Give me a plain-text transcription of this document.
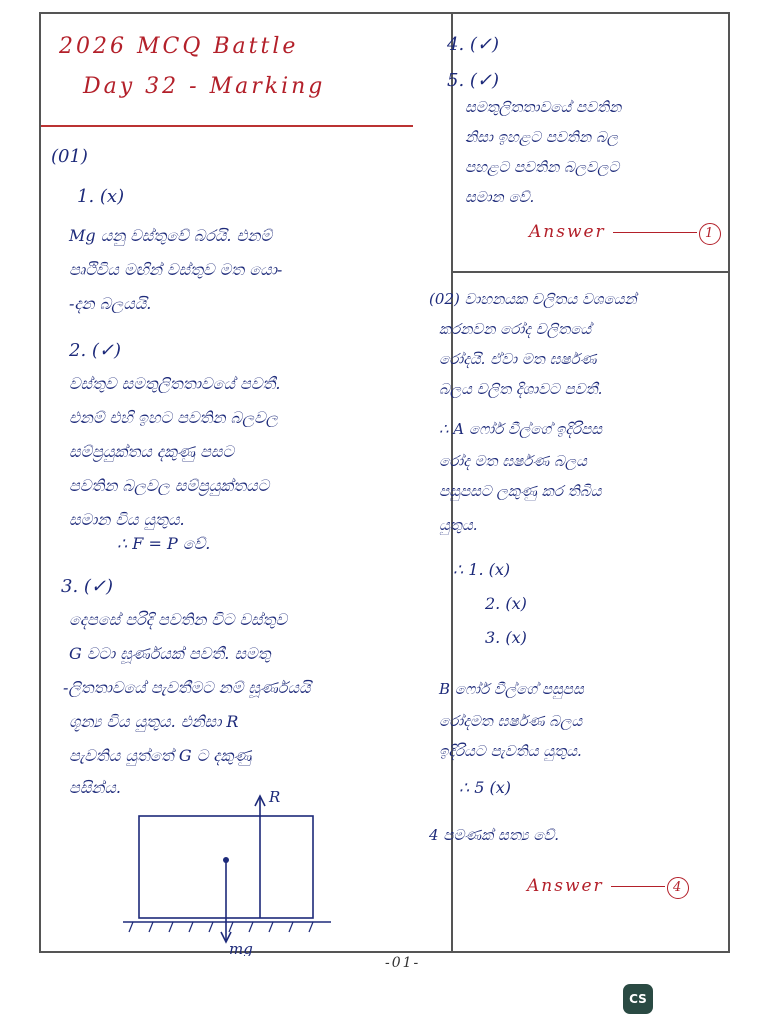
2026 MCQ Battle
Day 32 - Marking
(01)
1. (x)
Mg යනු වස්තුවේ බරයි. එනම්
පෘථිවිය මඟින් වස්තුව මත යො-
-දන බලයයි.
2. (✓)
වස්තුව සමතුලිතතාවයේ පවතී.
එනම් එහි ඉහට පවතින බලවල
සම්ප්‍රයුක්තය දකුණු පසට
පවතින බලවල සම්ප්‍රයුක්තයට
සමාන විය යුතුය.
∴ F = P වේ.
3. (✓)
දෙපසේ පරිදි පවතින විට වස්තුව
G වටා ඝූර්ණයක් පවතී. සමතු
-ලිතතාවයේ පැවතීමට නම් ඝූර්ණයයි
ශූන්‍ය විය යුතුය. එනිසා R
පැවතිය යුත්තේ G ට දකුණු
පසින්ය.	R
mg
4. (✓)
5. (✓)
සමතුලිතතාවයේ පවතින
නිසා ඉහළට පවතින බල
පහළට පවතින බලවලට
සමාන වේ.
Answer	1
(02) වාහනයක චලිතය වශයෙන්
කරනවන රෝද චලිතයේ
රෝදයි. ඒවා මත ඝර්ෂණ
බලය චලිත දිශාවට පවතී.
∴ A ෆෝර් වීල්ගේ ඉදිරිපස
රෝද මත ඝර්ෂණ බලය
පසුපසට ලකුණු කර තිබිය
යුතුය.
∴ 1. (x)
2. (x)
3. (x)
B ෆෝර් වීල්ගේ පසුපස
රෝදමත ඝර්ෂණ බලය
ඉදිරියට පැවතිය යුතුය.
∴ 5 (x)
4 පමණක් සත්‍ය වේ.
Answer	4
-01-
CS
